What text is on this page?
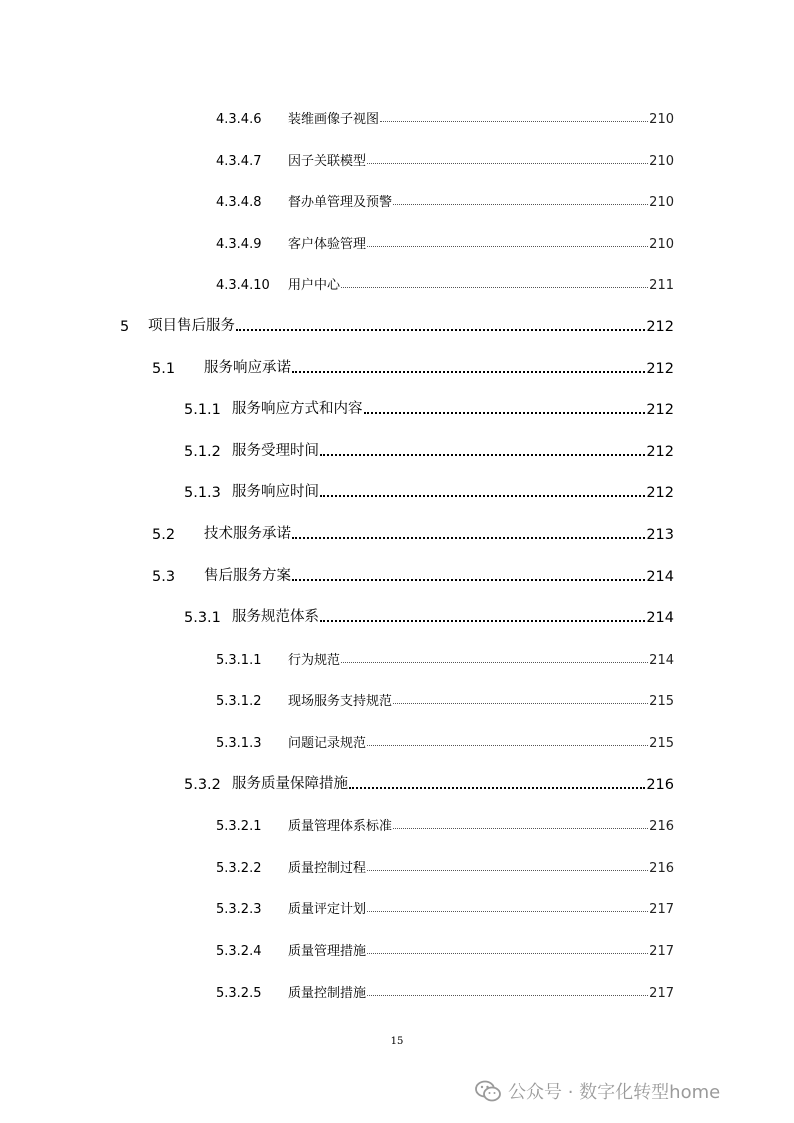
4.3.4.6	装维画像子视图	210
4.3.4.7	因子关联模型	210
4.3.4.8	督办单管理及预警	210
4.3.4.9	客户体验管理	210
4.3.4.10	用户中心	211
5	项目售后服务	212
5.1	服务响应承诺	212
5.1.1 服务响应方式和内容	212
5.1.2 服务受理时间	212
5.1.3 服务响应时间	212
5.2	技术服务承诺	213
5.3	售后服务方案	214
5.3.1 服务规范体系	214
5.3.1.1	行为规范	214
5.3.1.2	现场服务支持规范	215
5.3.1.3	问题记录规范	215
5.3.2 服务质量保障措施	216
5.3.2.1	质量管理体系标准	216
5.3.2.2	质量控制过程	216
5.3.2.3	质量评定计划	217
5.3.2.4	质量管理措施	217
5.3.2.5	质量控制措施	217
15
公众号 · 数字化转型home
